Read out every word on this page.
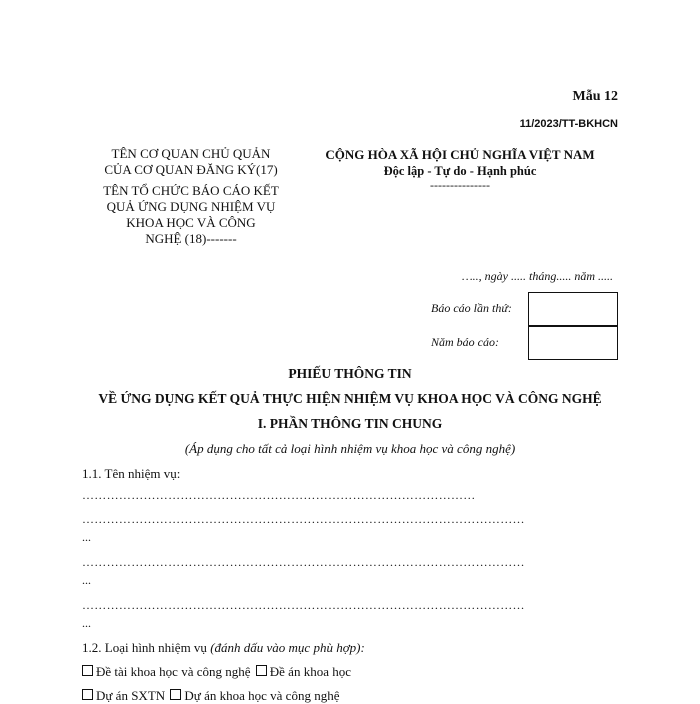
Mẫu 12
11/2023/TT-BKHCN
TÊN CƠ QUAN CHỦ QUẢN
CỦA CƠ QUAN ĐĂNG KÝ(17)
TÊN TỔ CHỨC BÁO CÁO KẾT
QUẢ ỨNG DỤNG NHIỆM VỤ
KHOA HỌC VÀ CÔNG
NGHỆ (18)-------
CỘNG HÒA XÃ HỘI CHỦ NGHĨA VIỆT NAM
Độc lập - Tự do - Hạnh phúc
---------------
….., ngày ..... tháng..... năm .....
Báo cáo lần thứ:
Năm báo cáo:
PHIẾU THÔNG TIN
VỀ ỨNG DỤNG KẾT QUẢ THỰC HIỆN NHIỆM VỤ KHOA HỌC VÀ CÔNG NGHỆ
I. PHẦN THÔNG TIN CHUNG
(Áp dụng cho tất cả loại hình nhiệm vụ khoa học và công nghệ)
1.1. Tên nhiệm vụ:
……………………………………………………………………………………
………………………………………………………………………………………………
...
………………………………………………………………………………………………
...
………………………………………………………………………………………………
...
1.2. Loại hình nhiệm vụ (đánh dấu vào mục phù hợp):
Đề tài khoa học và công nghệ Đề án khoa học
Dự án SXTN Dự án khoa học và công nghệ
